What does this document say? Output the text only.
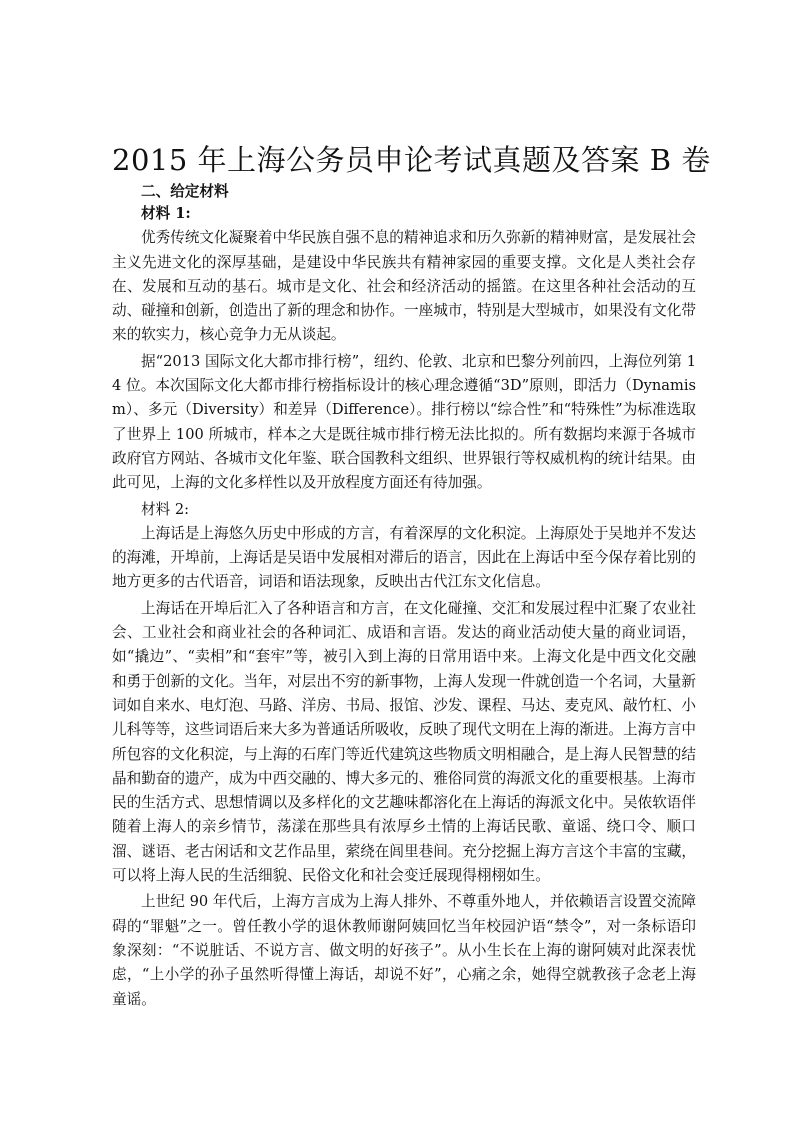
2015 年上海公务员申论考试真题及答案 B 卷
二、给定材料
材料 1:

优秀传统文化凝聚着中华民族自强不息的精神追求和历久弥新的精神财富，是发展社会主义先进文化的深厚基础，是建设中华民族共有精神家园的重要支撑。文化是人类社会存在、发展和互动的基石。城市是文化、社会和经济活动的摇篮。在这里各种社会活动的互动、碰撞和创新，创造出了新的理念和协作。一座城市，特别是大型城市，如果没有文化带来的软实力，核心竞争力无从谈起。

据“2013 国际文化大都市排行榜”，纽约、伦敦、北京和巴黎分列前四，上海位列第 14 位。本次国际文化大都市排行榜指标设计的核心理念遵循“3D”原则，即活力（Dynamism）、多元（Diversity）和差异（Difference）。排行榜以“综合性”和“特殊性”为标准选取了世界上 100 所城市，样本之大是既往城市排行榜无法比拟的。所有数据均来源于各城市政府官方网站、各城市文化年鉴、联合国教科文组织、世界银行等权威机构的统计结果。由此可见，上海的文化多样性以及开放程度方面还有待加强。

材料 2:

上海话是上海悠久历史中形成的方言，有着深厚的文化积淀。上海原处于吴地并不发达的海滩，开埠前，上海话是吴语中发展相对滞后的语言，因此在上海话中至今保存着比别的地方更多的古代语音，词语和语法现象，反映出古代江东文化信息。

上海话在开埠后汇入了各种语言和方言，在文化碰撞、交汇和发展过程中汇聚了农业社会、工业社会和商业社会的各种词汇、成语和言语。发达的商业活动使大量的商业词语，如“撬边”、“卖相”和“套牢”等，被引入到上海的日常用语中来。上海文化是中西文化交融和勇于创新的文化。当年，对层出不穷的新事物，上海人发现一件就创造一个名词，大量新词如自来水、电灯泡、马路、洋房、书局、报馆、沙发、课程、马达、麦克风、敲竹杠、小儿科等等，这些词语后来大多为普通话所吸收，反映了现代文明在上海的渐进。上海方言中所包容的文化积淀，与上海的石库门等近代建筑这些物质文明相融合，是上海人民智慧的结晶和勤奋的遗产，成为中西交融的、博大多元的、雅俗同赏的海派文化的重要根基。上海市民的生活方式、思想情调以及多样化的文艺趣味都溶化在上海话的海派文化中。吴侬软语伴随着上海人的亲乡情节，荡漾在那些具有浓厚乡土情的上海话民歌、童谣、绕口令、顺口溜、谜语、老古闲话和文艺作品里，萦绕在闾里巷间。充分挖掘上海方言这个丰富的宝藏，可以将上海人民的生活细貌、民俗文化和社会变迁展现得栩栩如生。

上世纪 90 年代后，上海方言成为上海人排外、不尊重外地人，并依赖语言设置交流障碍的“罪魁”之一。曾任教小学的退休教师谢阿姨回忆当年校园沪语“禁令”，对一条标语印象深刻：“不说脏话、不说方言、做文明的好孩子”。从小生长在上海的谢阿姨对此深表忧虑，“上小学的孙子虽然听得懂上海话，却说不好”，心痛之余，她得空就教孩子念老上海童谣。
